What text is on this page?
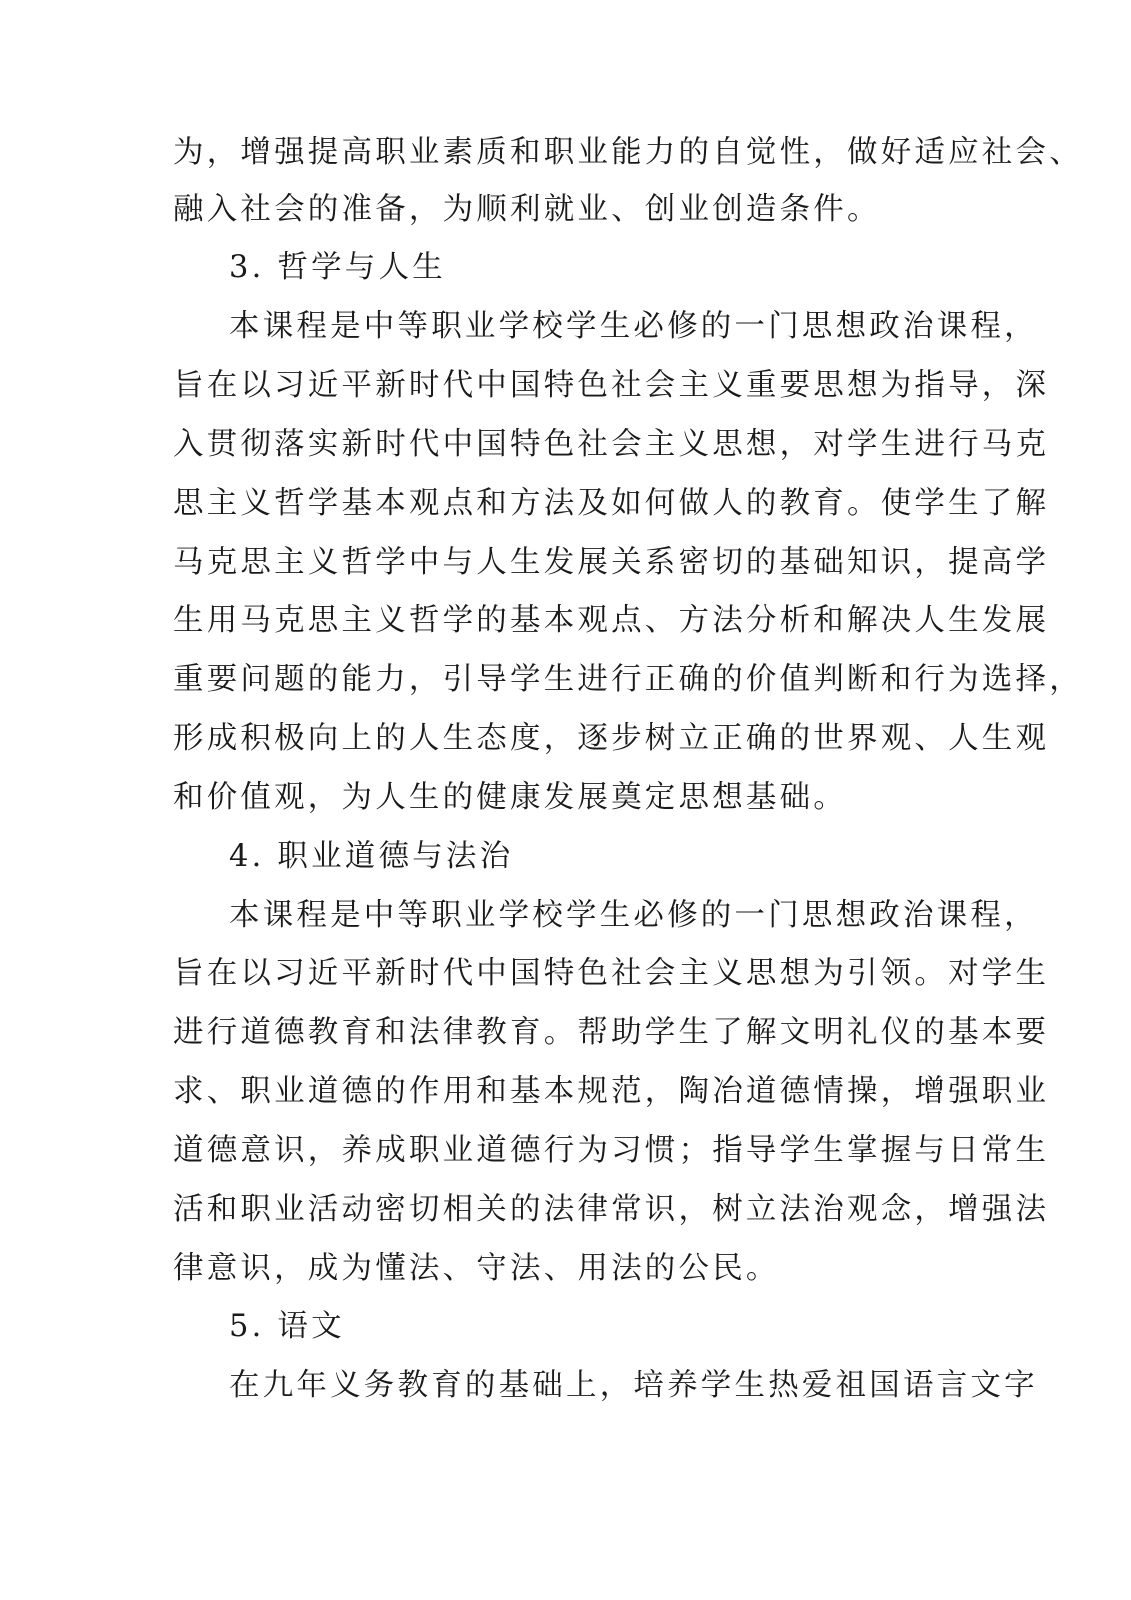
为，增强提高职业素质和职业能力的自觉性，做好适应社会、
融入社会的准备，为顺利就业、创业创造条件。
3. 哲学与人生
本课程是中等职业学校学生必修的一门思想政治课程，
旨在以习近平新时代中国特色社会主义重要思想为指导，深
入贯彻落实新时代中国特色社会主义思想，对学生进行马克
思主义哲学基本观点和方法及如何做人的教育。使学生了解
马克思主义哲学中与人生发展关系密切的基础知识，提高学
生用马克思主义哲学的基本观点、方法分析和解决人生发展
重要问题的能力，引导学生进行正确的价值判断和行为选择，
形成积极向上的人生态度，逐步树立正确的世界观、人生观
和价值观，为人生的健康发展奠定思想基础。
4. 职业道德与法治
本课程是中等职业学校学生必修的一门思想政治课程，
旨在以习近平新时代中国特色社会主义思想为引领。对学生
进行道德教育和法律教育。帮助学生了解文明礼仪的基本要
求、职业道德的作用和基本规范，陶冶道德情操，增强职业
道德意识，养成职业道德行为习惯；指导学生掌握与日常生
活和职业活动密切相关的法律常识，树立法治观念，增强法
律意识，成为懂法、守法、用法的公民。
5. 语文
在九年义务教育的基础上，培养学生热爱祖国语言文字
